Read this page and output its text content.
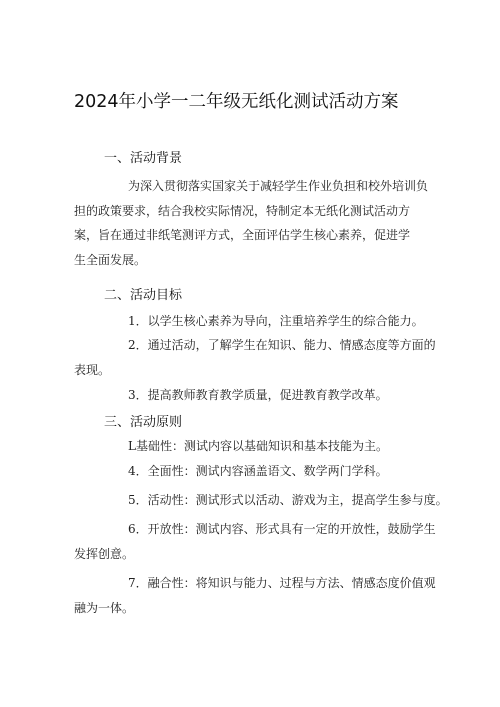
2024年小学一二年级无纸化测试活动方案
一、活动背景
为深入贯彻落实国家关于减轻学生作业负担和校外培训负
担的政策要求，结合我校实际情况，特制定本无纸化测试活动方
案，旨在通过非纸笔测评方式，全面评估学生核心素养，促进学
生全面发展。
二、活动目标
1．以学生核心素养为导向，注重培养学生的综合能力。
2．通过活动，了解学生在知识、能力、情感态度等方面的
表现。
3．提高教师教育教学质量，促进教育教学改革。
三、活动原则
L基础性：测试内容以基础知识和基本技能为主。
4．全面性：测试内容涵盖语文、数学两门学科。
5．活动性：测试形式以活动、游戏为主，提高学生参与度。
6．开放性：测试内容、形式具有一定的开放性，鼓励学生
发挥创意。
7．融合性：将知识与能力、过程与方法、情感态度价值观
融为一体。
